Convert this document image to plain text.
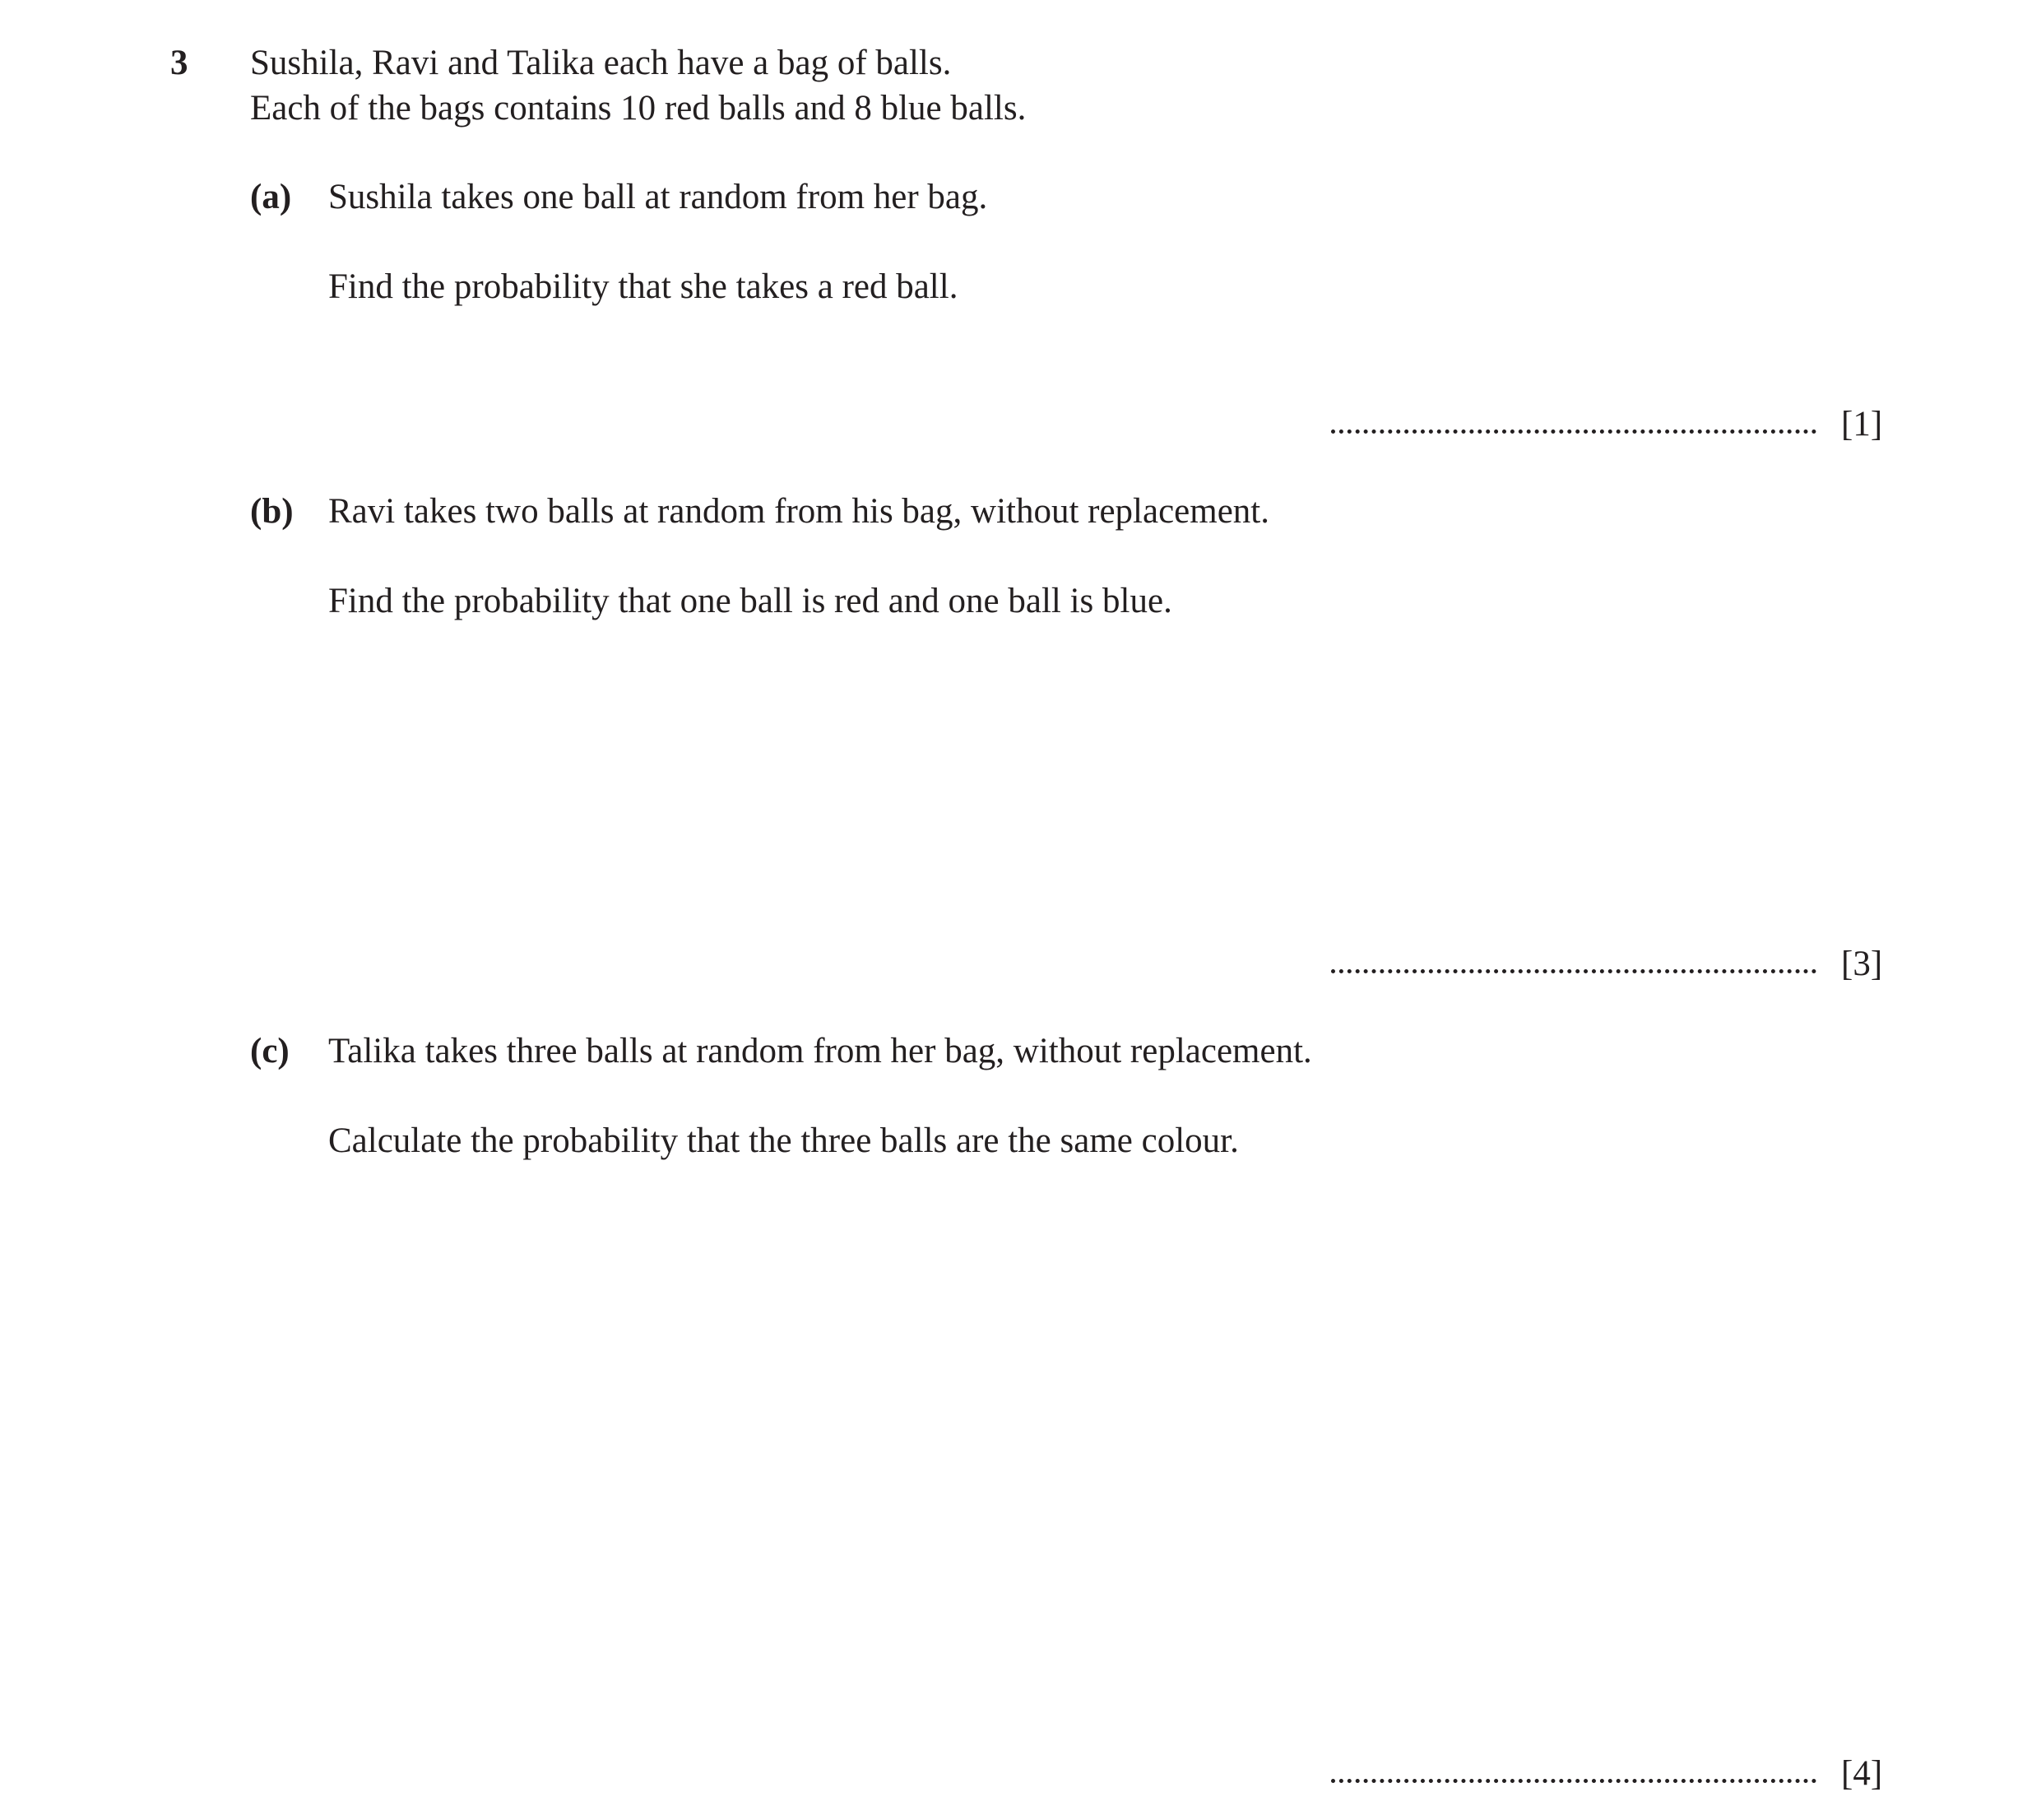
3 Sushila, Ravi and Talika each have a bag of balls.
Each of the bags contains 10 red balls and 8 blue balls.
(a) Sushila takes one ball at random from her bag.
Find the probability that she takes a red ball.
[1]
(b) Ravi takes two balls at random from his bag, without replacement.
Find the probability that one ball is red and one ball is blue.
[3]
(c) Talika takes three balls at random from her bag, without replacement.
Calculate the probability that the three balls are the same colour.
[4]
